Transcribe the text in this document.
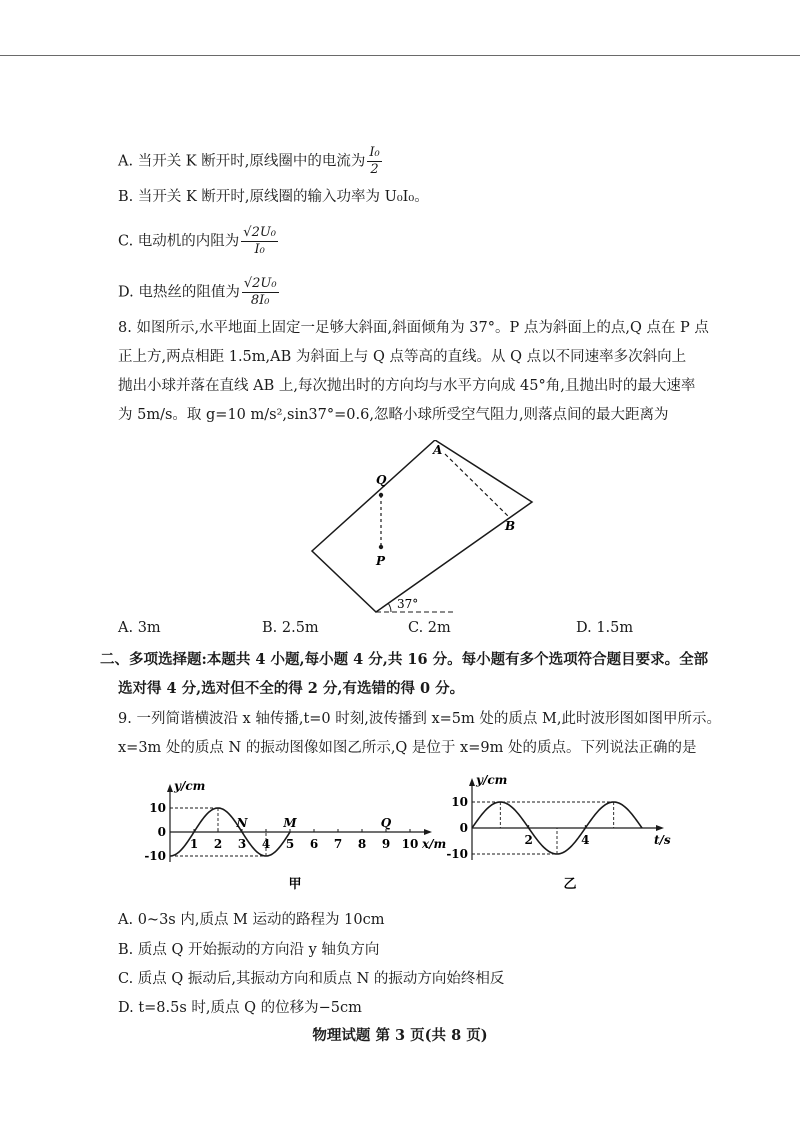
A. 当开关 K 断开时,原线圈中的电流为 $\frac{\text{I₀}}{2}$
B. 当开关 K 断开时,原线圈的输入功率为 U₀I₀。
C. 电动机的内阻为 $\frac{\text{√2U₀}}{\text{I₀}}$
D. 电热丝的阻值为 $\frac{\text{√2U₀}}{\text{8I₀}}$
8. 如图所示,水平地面上固定一足够大斜面,斜面倾角为 37°。P 点为斜面上的点,Q 点在 P 点
正上方,两点相距 1.5m,AB 为斜面上与 Q 点等高的直线。从 Q 点以不同速率多次斜向上
抛出小球并落在直线 AB 上,每次抛出时的方向均与水平方向成 45°角,且抛出时的最大速率
为 5m/s。取 g=10 m/s²,sin37°=0.6,忽略小球所受空气阻力,则落点间的最大距离为
A
B
Q
P
37°
A. 3m	B. 2.5m	C. 2m	D. 1.5m
二、多项选择题:本题共 4 小题,每小题 4 分,共 16 分。每小题有多个选项符合题目要求。全部
选对得 4 分,选对但不全的得 2 分,有选错的得 0 分。
9. 一列简谐横波沿 x 轴传播,t=0 时刻,波传播到 x=5m 处的质点 M,此时波形图如图甲所示。
x=3m 处的质点 N 的振动图像如图乙所示,Q 是位于 x=9m 处的质点。下列说法正确的是
y/cm
x/m
10
0
-10
1 2 3 4 5 6 7 8 9 10
N	M	Q
甲
y/cm
t/s
10
0
-10
2	4
乙
A. 0~3s 内,质点 M 运动的路程为 10cm
B. 质点 Q 开始振动的方向沿 y 轴负方向
C. 质点 Q 振动后,其振动方向和质点 N 的振动方向始终相反
D. t=8.5s 时,质点 Q 的位移为−5cm
物理试题 第 3 页(共 8 页)
